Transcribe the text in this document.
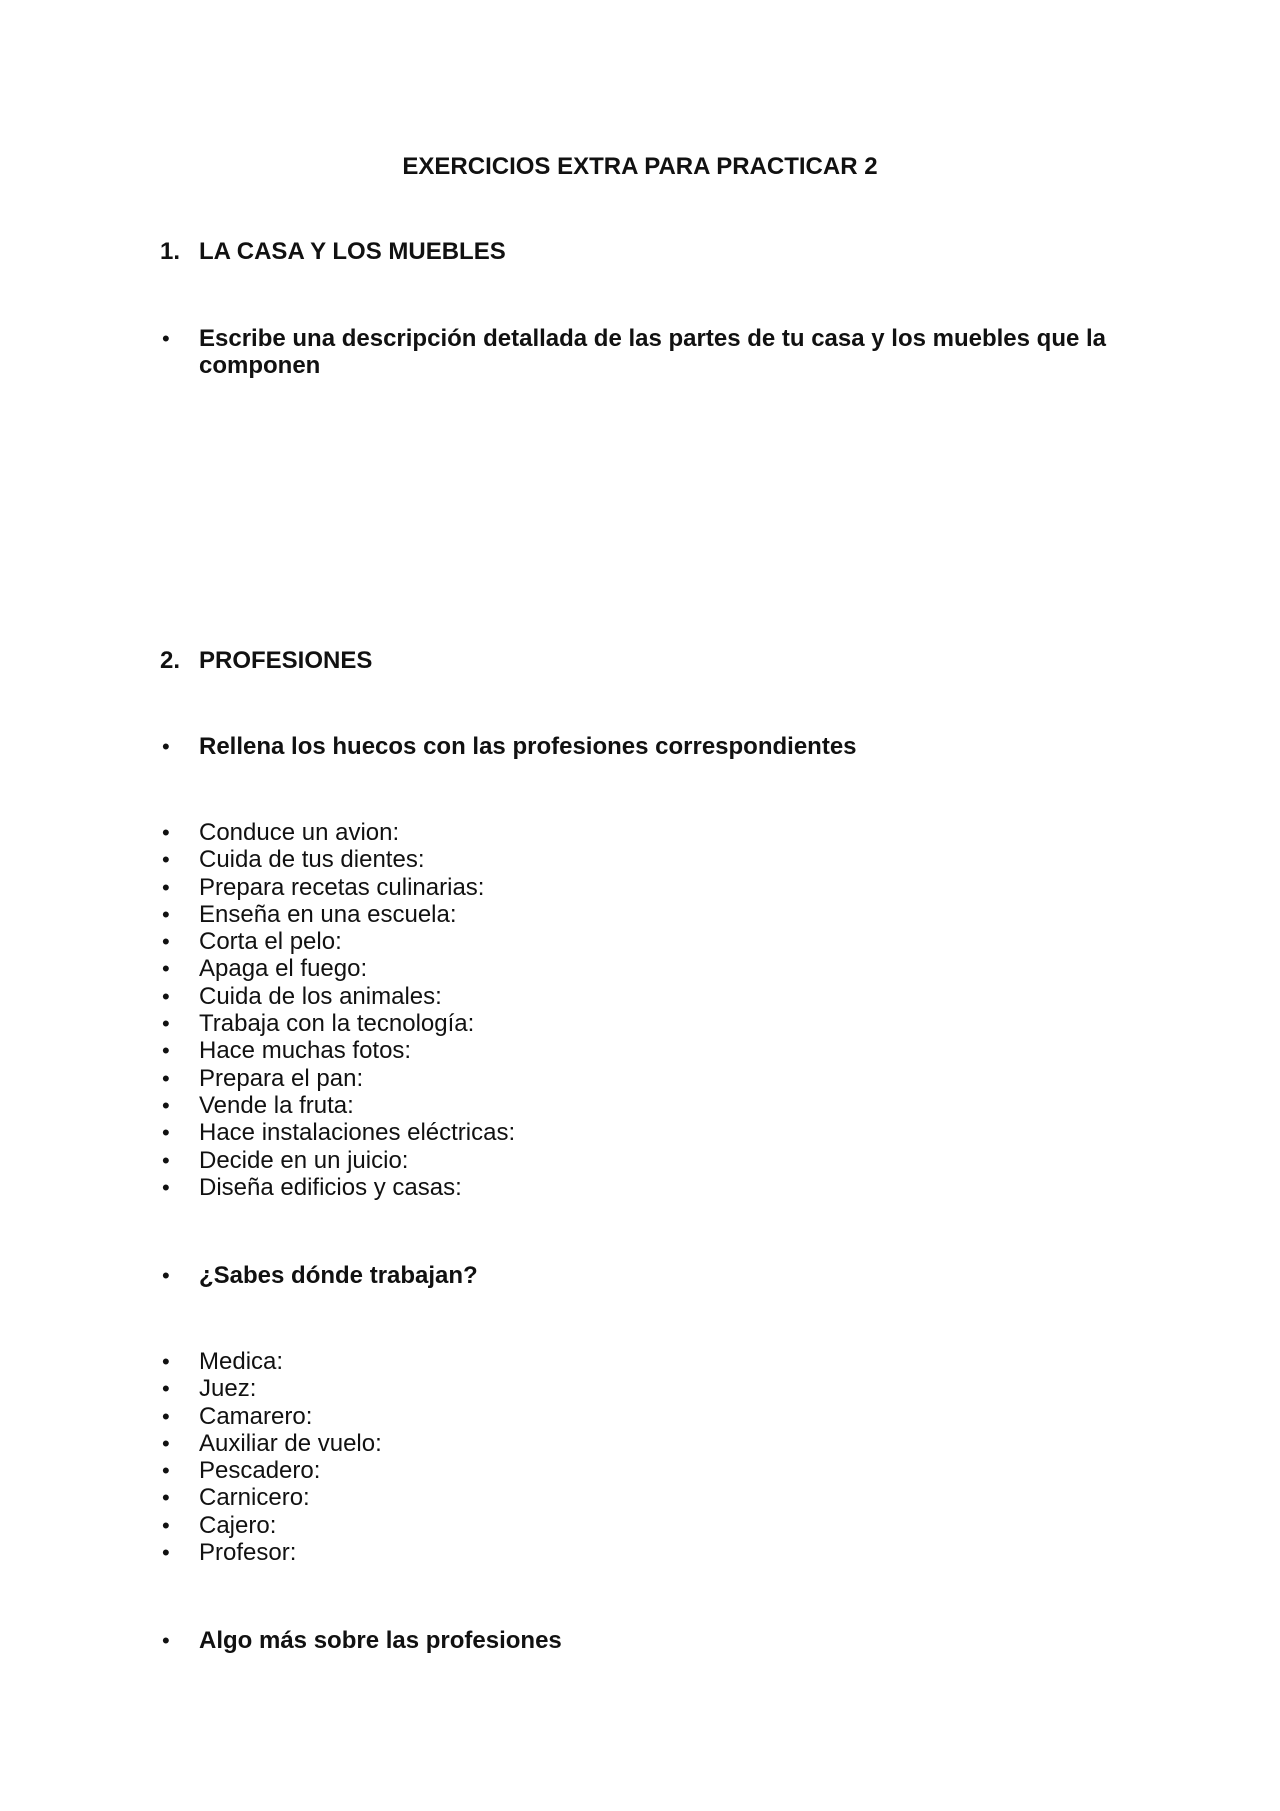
EXERCICIOS EXTRA PARA PRACTICAR 2
1. LA CASA Y LOS MUEBLES
•	Escribe una descripción detallada de las partes de tu casa y los muebles que la componen
2. PROFESIONES
•	Rellena los huecos con las profesiones correspondientes
• Conduce un avion:
• Cuida de tus dientes:
• Prepara recetas culinarias:
• Enseña en una escuela:
• Corta el pelo:
• Apaga el fuego:
• Cuida de los animales:
• Trabaja con la tecnología:
• Hace muchas fotos:
• Prepara el pan:
• Vende la fruta:
• Hace instalaciones eléctricas:
• Decide en un juicio:
• Diseña edificios y casas:
•	¿Sabes dónde trabajan?
• Medica:
• Juez:
• Camarero:
• Auxiliar de vuelo:
• Pescadero:
• Carnicero:
• Cajero:
• Profesor:
•	Algo más sobre las profesiones
